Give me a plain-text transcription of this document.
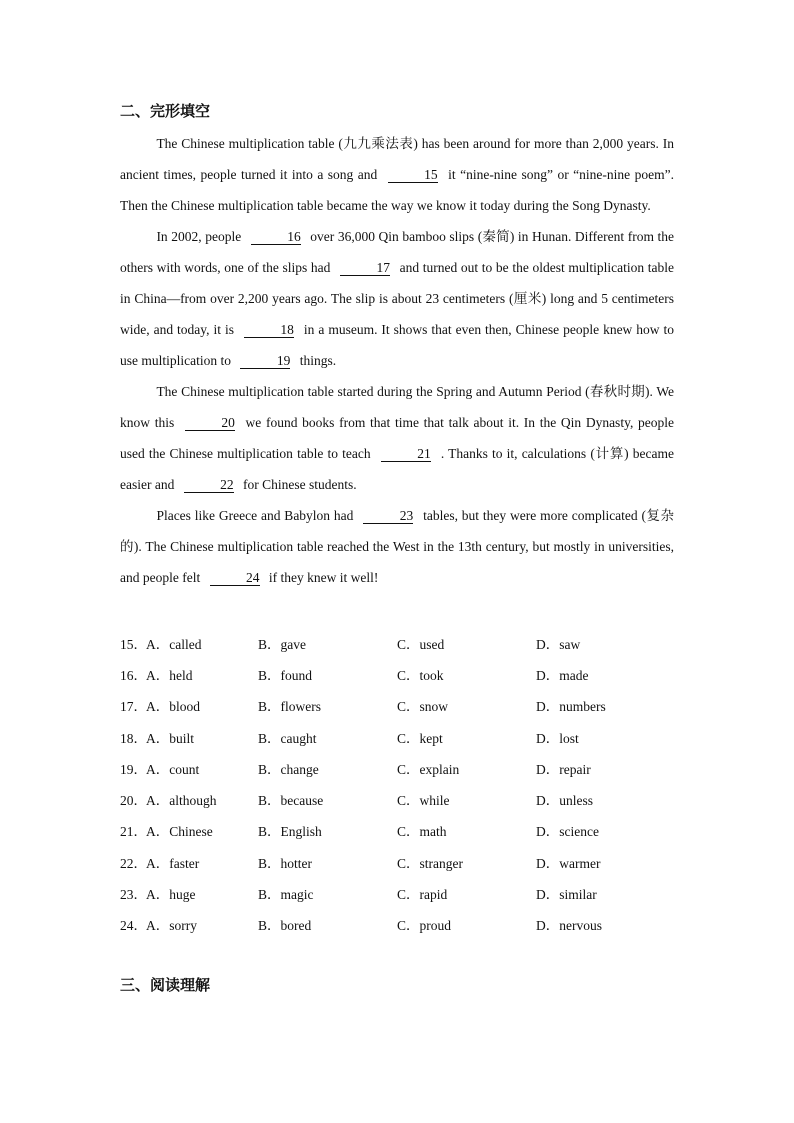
二、完形填空

The Chinese multiplication table (九九乘法表) has been around for more than 2,000 years. In ancient times, people turned it into a song and	15 it “nine-nine song” or “nine-nine poem”. Then the Chinese multiplication table became the way we know it today during the Song Dynasty.

In 2002, people	16 over 36,000 Qin bamboo slips (秦简) in Hunan. Different from the others with words, one of the slips had	17 and turned out to be the oldest multiplication table in China—from over 2,200 years ago. The slip is about 23 centimeters (厘米) long and 5 centimeters wide, and today, it is	18 in a museum. It shows that even then, Chinese people knew how to use multiplication to	19 things.

The Chinese multiplication table started during the Spring and Autumn Period (春秋时期). We know this	20 we found books from that time that talk about it. In the Qin Dynasty, people used the Chinese multiplication table to teach	21 . Thanks to it, calculations (计算) became easier and	22 for Chinese students.

Places like Greece and Babylon had	23 tables, but they were more complicated (复杂的). The Chinese multiplication table reached the West in the 13th century, but mostly in universities, and people felt	24 if they knew it well!

15． A．called	B．gave	C．used	D．saw
16． A．held	B．found	C．took	D．made
17． A．blood	B．flowers	C．snow	D．numbers
18． A．built	B．caught	C．kept	D．lost
19． A．count	B．change	C．explain	D．repair
20． A．although	B．because	C．while	D．unless
21． A．Chinese	B．English	C．math	D．science
22． A．faster	B．hotter	C．stranger	D．warmer
23． A．huge	B．magic	C．rapid	D．similar
24． A．sorry	B．bored	C．proud	D．nervous
三、阅读理解
